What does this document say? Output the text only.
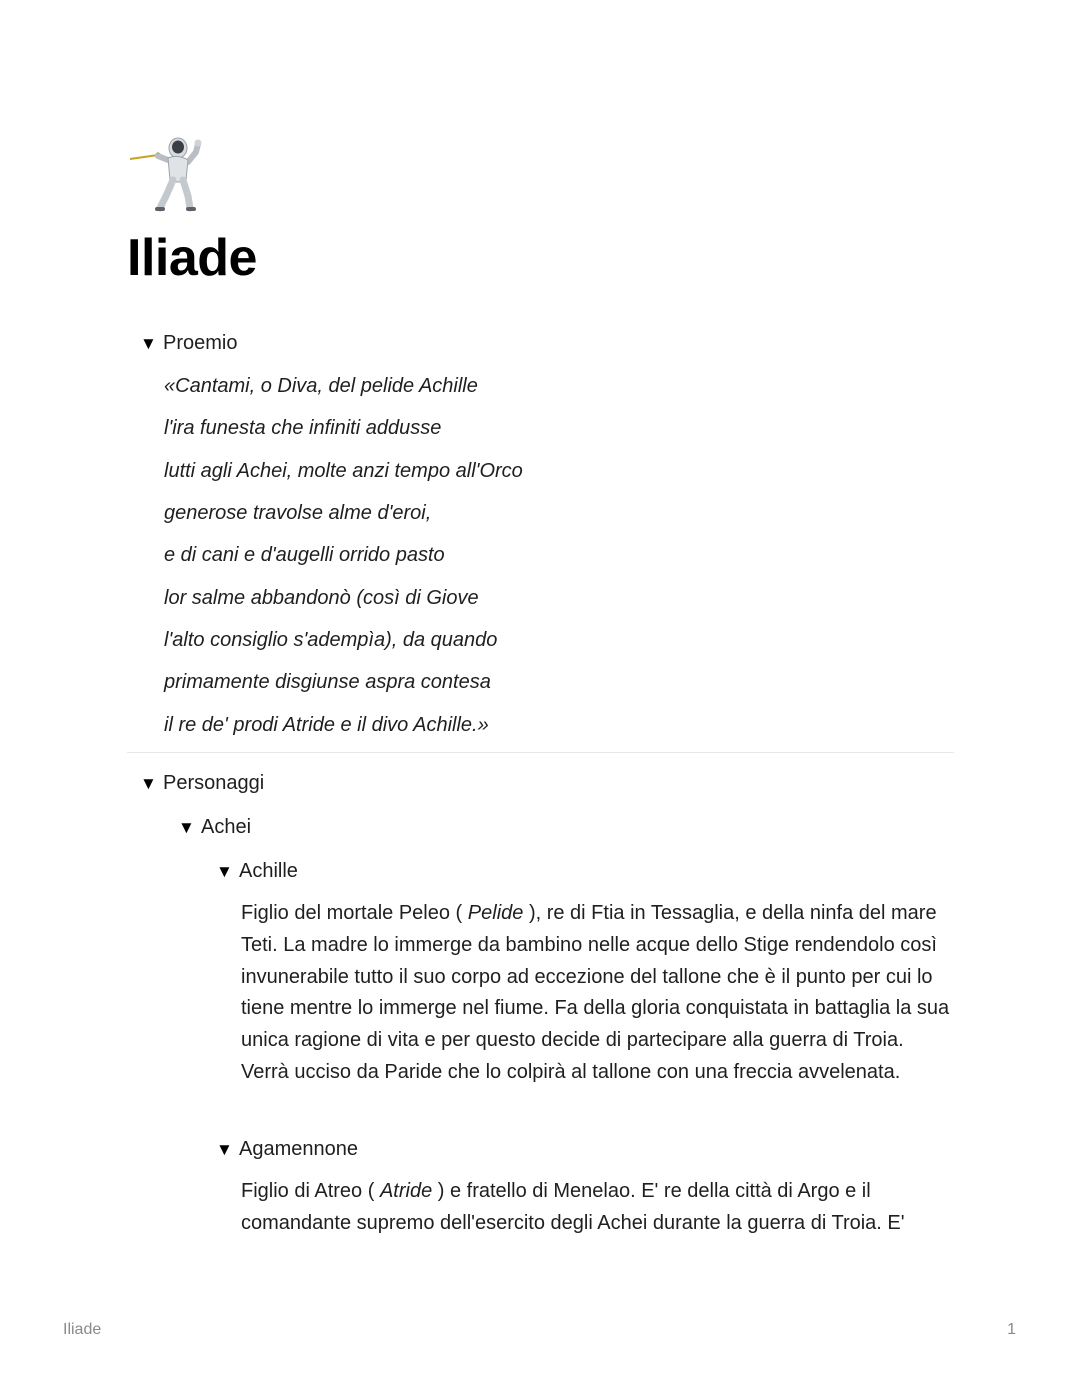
Iliade
▼ Proemio

«Cantami, o Diva, del pelide Achille

l'ira funesta che infiniti addusse

lutti agli Achei, molte anzi tempo all'Orco

generose travolse alme d'eroi,

e di cani e d'augelli orrido pasto

lor salme abbandonò (così di Giove

l'alto consiglio s'adempìa), da quando

primamente disgiunse aspra contesa

il re de' prodi Atride e il divo Achille.»

▼ Personaggi
▼ Achei
▼ Achille

Figlio del mortale Peleo ( Pelide ), re di Ftia in Tessaglia, e della ninfa del mare Teti. La madre lo immerge da bambino nelle acque dello Stige rendendolo così invunerabile tutto il suo corpo ad eccezione del tallone che è il punto per cui lo tiene mentre lo immerge nel fiume. Fa della gloria conquistata in battaglia la sua unica ragione di vita e per questo decide di partecipare alla guerra di Troia. Verrà ucciso da Paride che lo colpirà al tallone con una freccia avvelenata.

▼ Agamennone

Figlio di Atreo ( Atride ) e fratello di Menelao. E' re della città di Argo e il comandante supremo dell'esercito degli Achei durante la guerra di Troia. E'

Iliade	1
